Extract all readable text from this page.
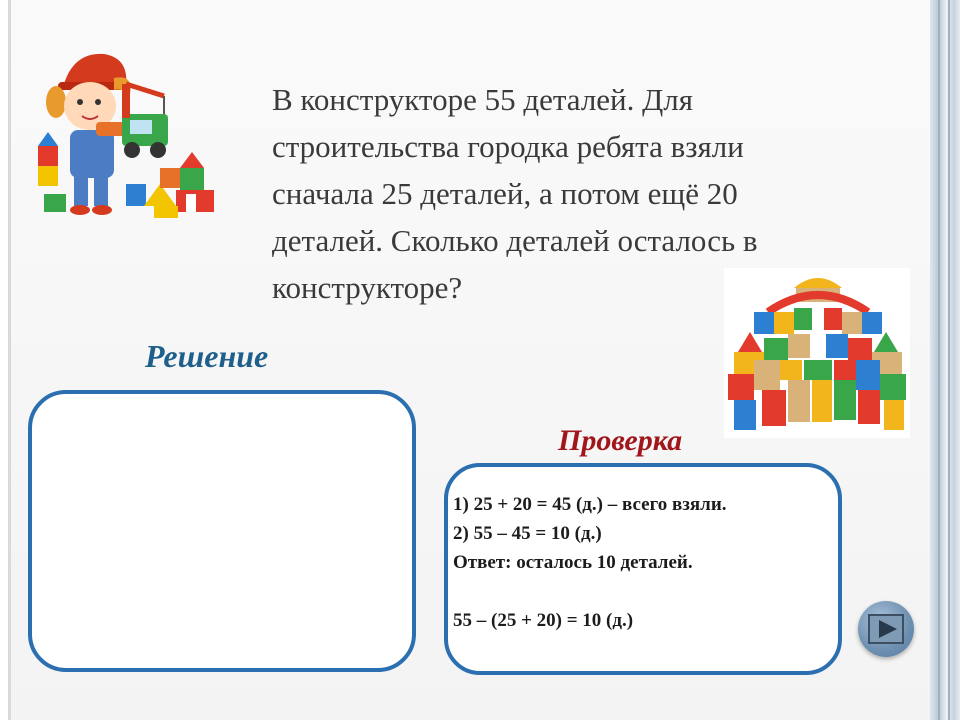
В конструкторе 55 деталей. Для
строительства городка ребята взяли
сначала 25 деталей, а потом ещё 20
деталей. Сколько деталей осталось в
конструкторе?
Решение
Проверка
1) 25 + 20 = 45 (д.) – всего взяли.
2) 55 – 45 = 10 (д.)
Ответ: осталось 10 деталей.
55 – (25 + 20) = 10 (д.)
